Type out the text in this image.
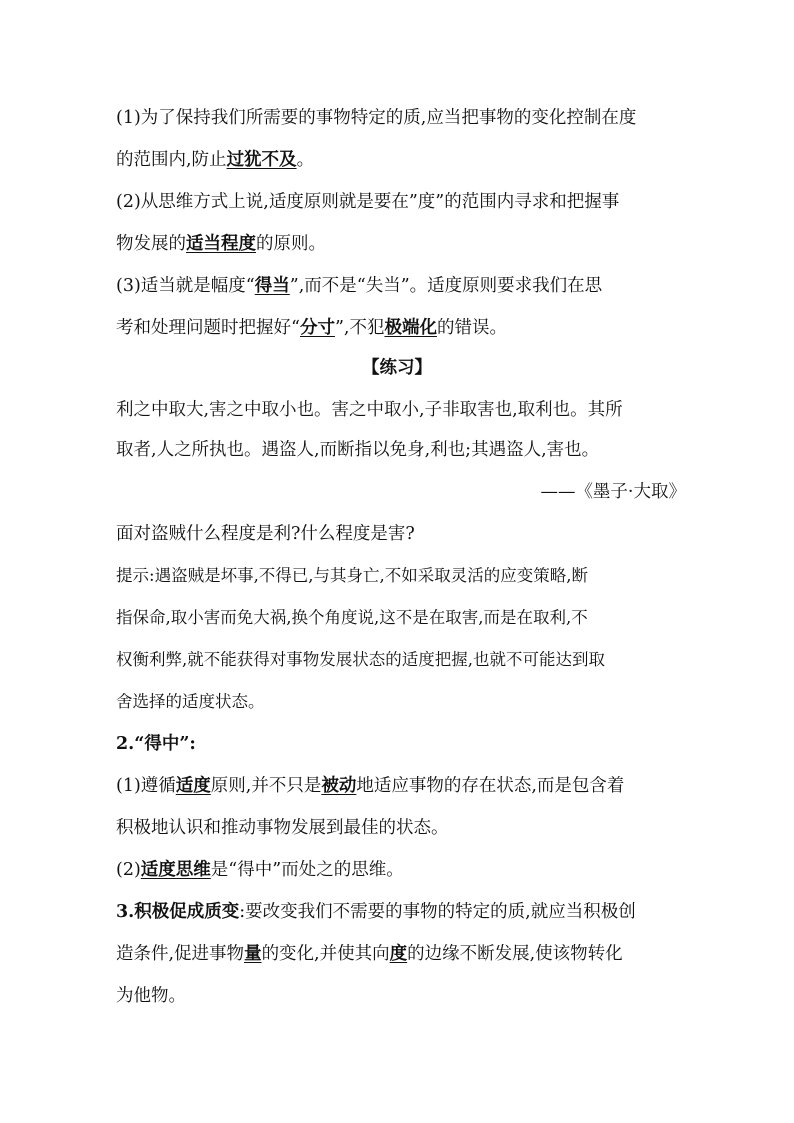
(1)为了保持我们所需要的事物特定的质,应当把事物的变化控制在度
的范围内,防止过犹不及。
(2)从思维方式上说,适度原则就是要在”度”的范围内寻求和把握事
物发展的适当程度的原则。
(3)适当就是幅度“得当”,而不是“失当”。适度原则要求我们在思
考和处理问题时把握好“分寸”,不犯极端化的错误。
【练习】
利之中取大,害之中取小也。害之中取小,子非取害也,取利也。其所
取者,人之所执也。遇盗人,而断指以免身,利也;其遇盗人,害也。
——《墨子·大取》
面对盗贼什么程度是利?什么程度是害?
提示:遇盗贼是坏事,不得已,与其身亡,不如采取灵活的应变策略,断
指保命,取小害而免大祸,换个角度说,这不是在取害,而是在取利,不
权衡利弊,就不能获得对事物发展状态的适度把握,也就不可能达到取
舍选择的适度状态。
2.“得中”:
(1)遵循适度原则,并不只是被动地适应事物的存在状态,而是包含着
积极地认识和推动事物发展到最佳的状态。
(2)适度思维是“得中”而处之的思维。
3.积极促成质变:要改变我们不需要的事物的特定的质,就应当积极创
造条件,促进事物量的变化,并使其向度的边缘不断发展,使该物转化
为他物。
